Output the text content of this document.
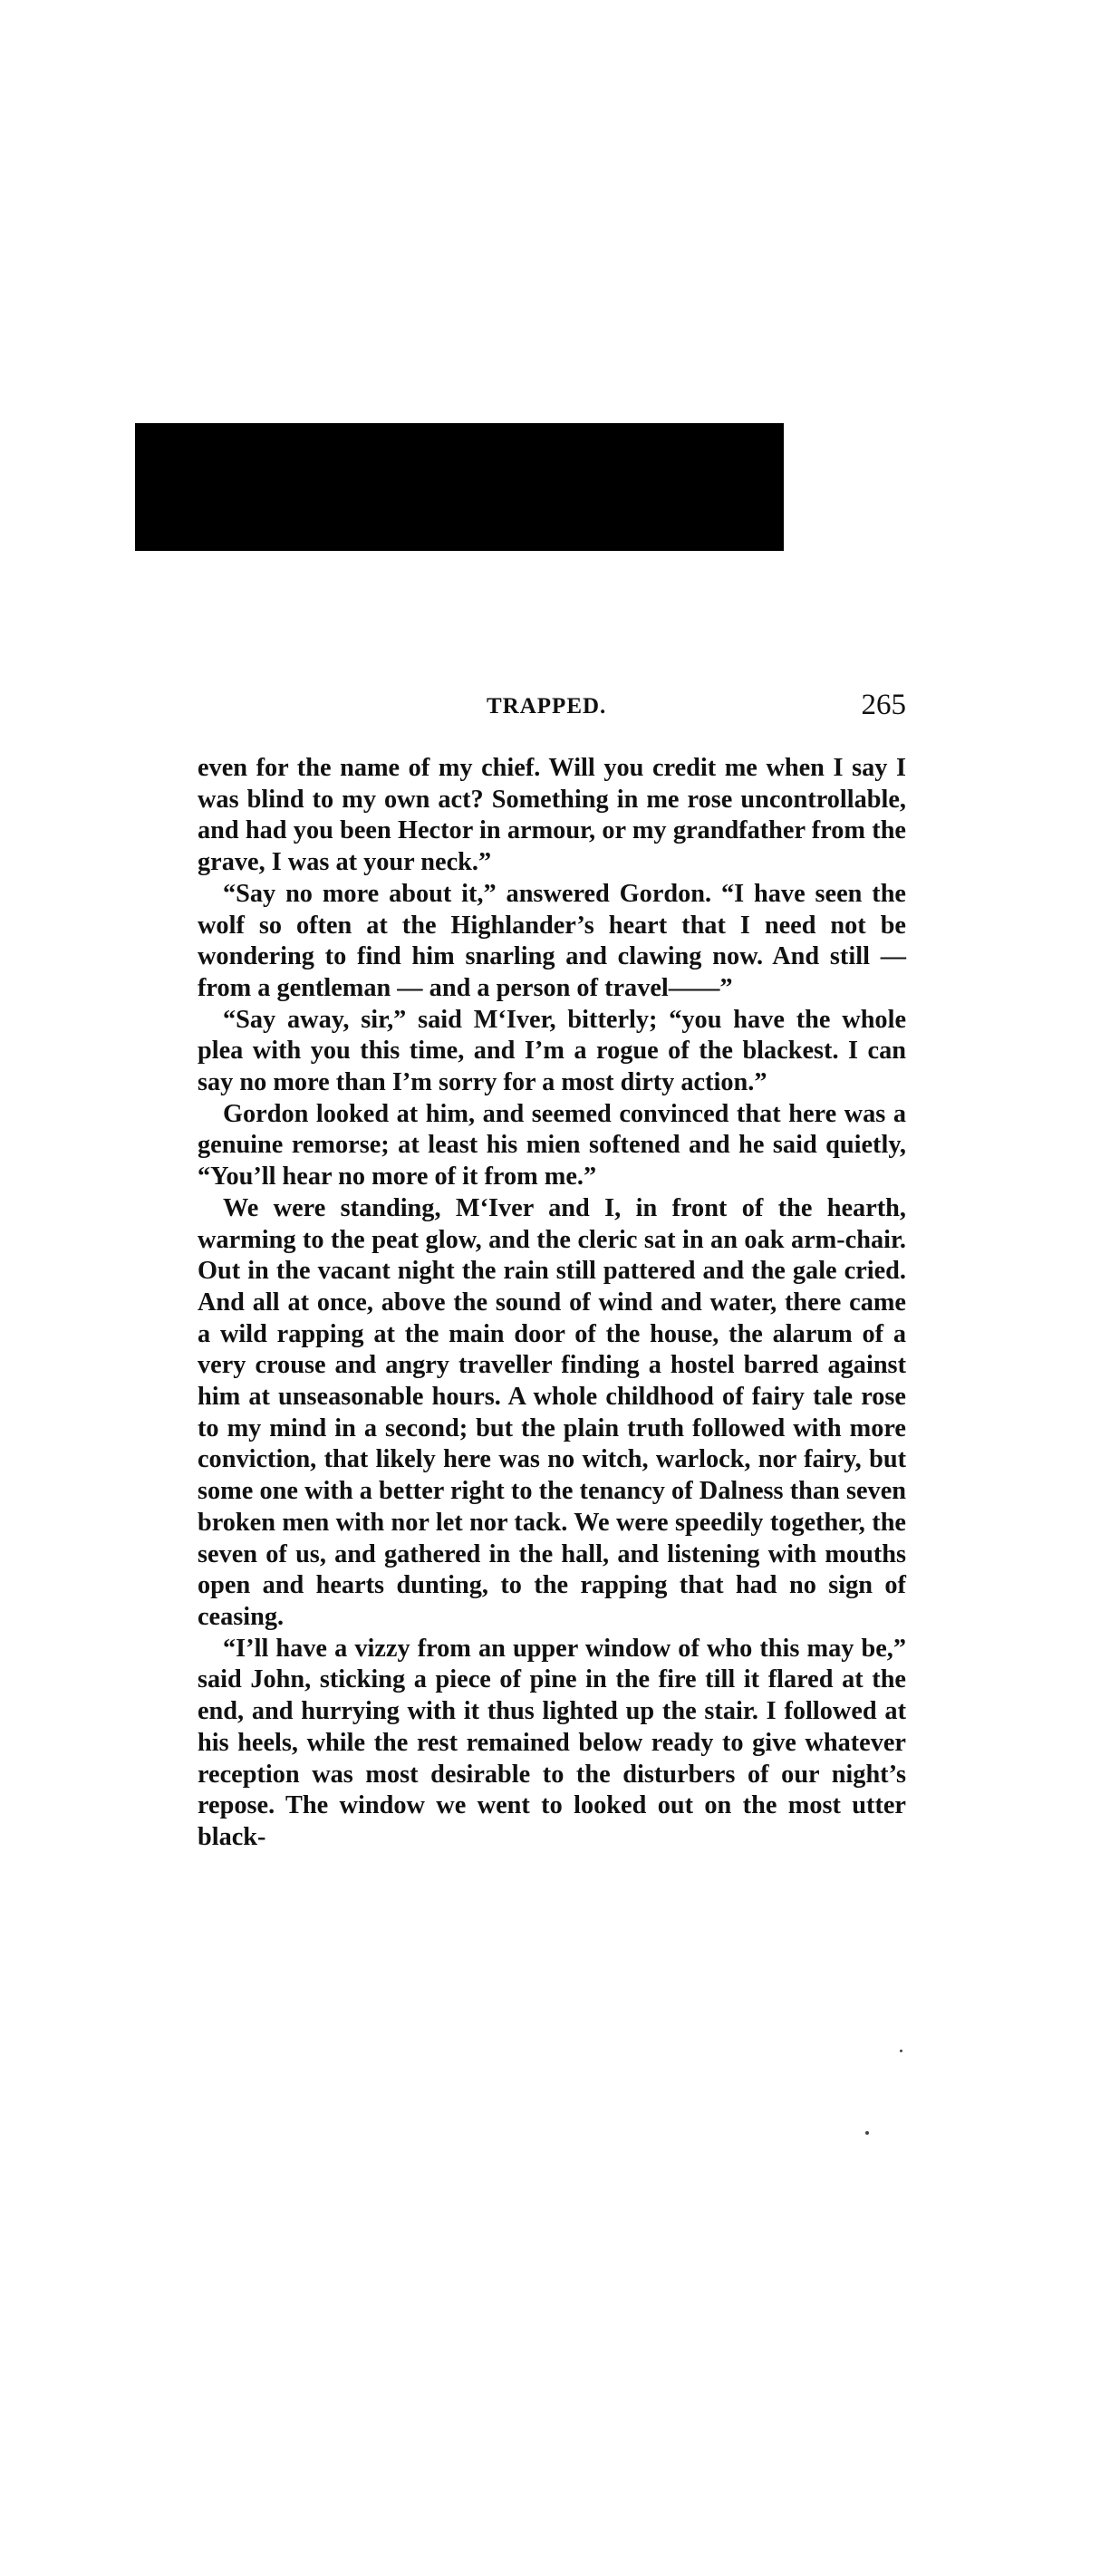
TRAPPED.	265

even for the name of my chief. Will you credit me when I say I was blind to my own act? Something in me rose uncontrollable, and had you been Hector in armour, or my grandfather from the grave, I was at your neck.”

“Say no more about it,” answered Gordon. “I have seen the wolf so often at the Highlander’s heart that I need not be wondering to find him snarling and clawing now. And still — from a gentleman — and a person of travel——”

“Say away, sir,” said M‘Iver, bitterly; “you have the whole plea with you this time, and I’m a rogue of the blackest. I can say no more than I’m sorry for a most dirty action.”

Gordon looked at him, and seemed convinced that here was a genuine remorse; at least his mien softened and he said quietly, “You’ll hear no more of it from me.”

We were standing, M‘Iver and I, in front of the hearth, warming to the peat glow, and the cleric sat in an oak arm-chair. Out in the vacant night the rain still pattered and the gale cried. And all at once, above the sound of wind and water, there came a wild rapping at the main door of the house, the alarum of a very crouse and angry traveller finding a hostel barred against him at unseasonable hours. A whole childhood of fairy tale rose to my mind in a second; but the plain truth followed with more conviction, that likely here was no witch, warlock, nor fairy, but some one with a better right to the tenancy of Dalness than seven broken men with nor let nor tack. We were speedily together, the seven of us, and gathered in the hall, and listening with mouths open and hearts dunting, to the rapping that had no sign of ceasing.

“I’ll have a vizzy from an upper window of who this may be,” said John, sticking a piece of pine in the fire till it flared at the end, and hurrying with it thus lighted up the stair. I followed at his heels, while the rest remained below ready to give whatever reception was most desirable to the disturbers of our night’s repose. The window we went to looked out on the most utter black-
